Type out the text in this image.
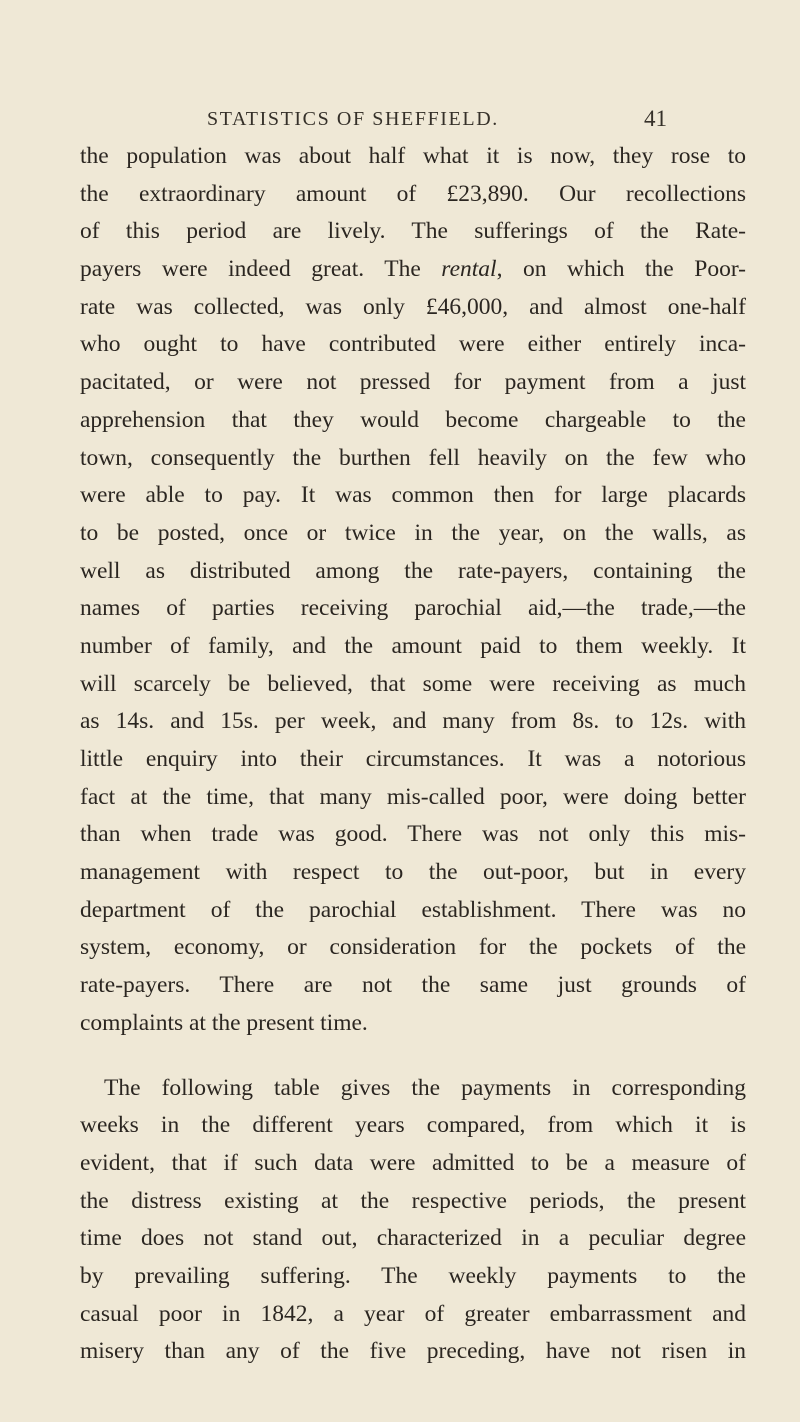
STATISTICS OF SHEFFIELD.	41
the population was about half what it is now, they rose to
the extraordinary amount of £23,890. Our recollections
of this period are lively. The sufferings of the Rate-
payers were indeed great. The rental, on which the Poor-
rate was collected, was only £46,000, and almost one-half
who ought to have contributed were either entirely inca-
pacitated, or were not pressed for payment from a just
apprehension that they would become chargeable to the
town, consequently the burthen fell heavily on the few who
were able to pay. It was common then for large placards
to be posted, once or twice in the year, on the walls, as
well as distributed among the rate-payers, containing the
names of parties receiving parochial aid,—the trade,—the
number of family, and the amount paid to them weekly. It
will scarcely be believed, that some were receiving as much
as 14s. and 15s. per week, and many from 8s. to 12s. with
little enquiry into their circumstances. It was a notorious
fact at the time, that many mis-called poor, were doing better
than when trade was good. There was not only this mis-
management with respect to the out-poor, but in every
department of the parochial establishment. There was no
system, economy, or consideration for the pockets of the
rate-payers. There are not the same just grounds of
complaints at the present time.
The following table gives the payments in corresponding
weeks in the different years compared, from which it is
evident, that if such data were admitted to be a measure of
the distress existing at the respective periods, the present
time does not stand out, characterized in a peculiar degree
by prevailing suffering. The weekly payments to the
casual poor in 1842, a year of greater embarrassment and
misery than any of the five preceding, have not risen in
